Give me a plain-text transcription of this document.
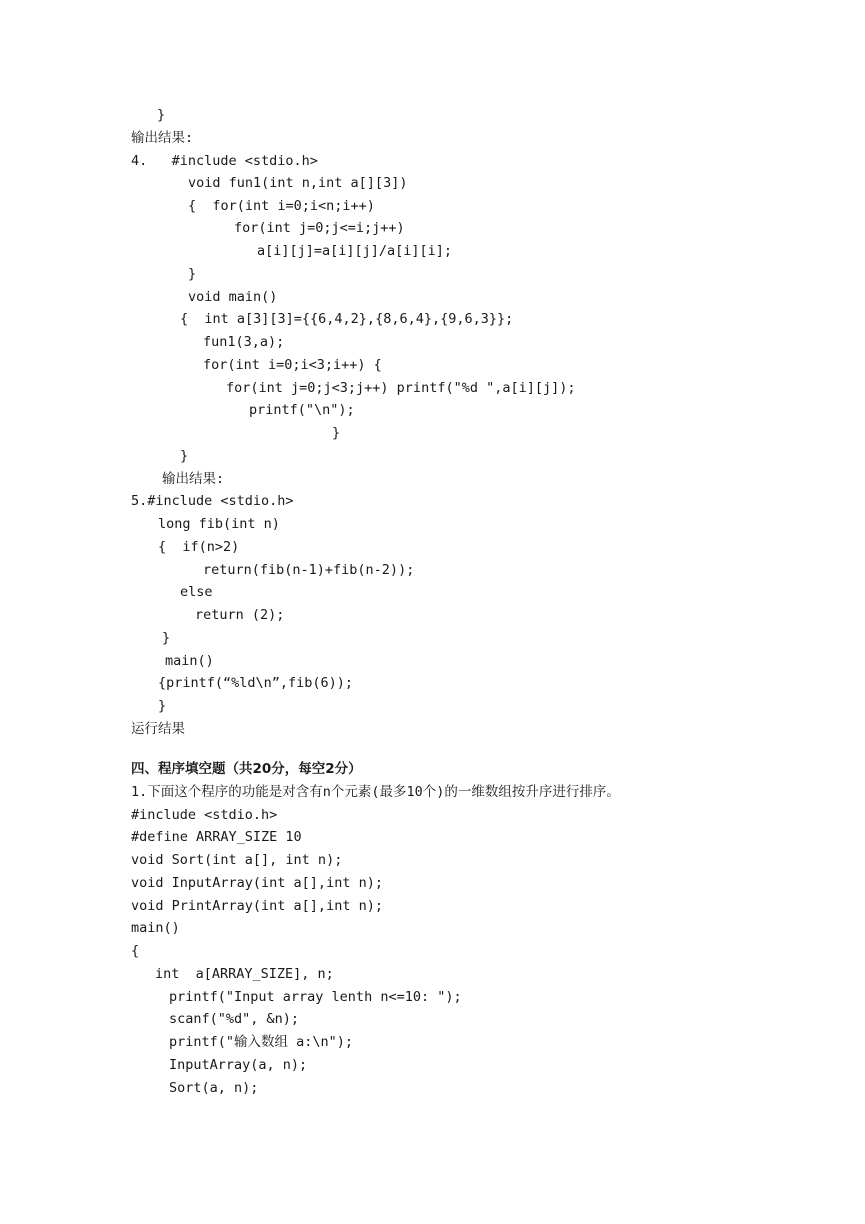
}
输出结果:
4.   #include <stdio.h>
void fun1(int n,int a[][3])
{  for(int i=0;i<n;i++)
for(int j=0;j<=i;j++)
a[i][j]=a[i][j]/a[i][i];
}
void main()
{  int a[3][3]={{6,4,2},{8,6,4},{9,6,3}};
fun1(3,a);
for(int i=0;i<3;i++) {
for(int j=0;j<3;j++) printf("%d ",a[i][j]);
printf("\n");
}
}
输出结果:
5.#include <stdio.h>
long fib(int n)
{  if(n>2)
return(fib(n-1)+fib(n-2));
else
return (2);
}
main()
{printf(“%ld\n”,fib(6));
}
运行结果
四、程序填空题（共20分，每空2分）
1.下面这个程序的功能是对含有n个元素(最多10个)的一维数组按升序进行排序。
#include <stdio.h>
#define ARRAY_SIZE 10
void Sort(int a[], int n);
void InputArray(int a[],int n);
void PrintArray(int a[],int n);
main()
{
int  a[ARRAY_SIZE], n;
printf("Input array lenth n<=10: ");
scanf("%d", &n);
printf("输入数组 a:\n");
InputArray(a, n);
Sort(a, n);
